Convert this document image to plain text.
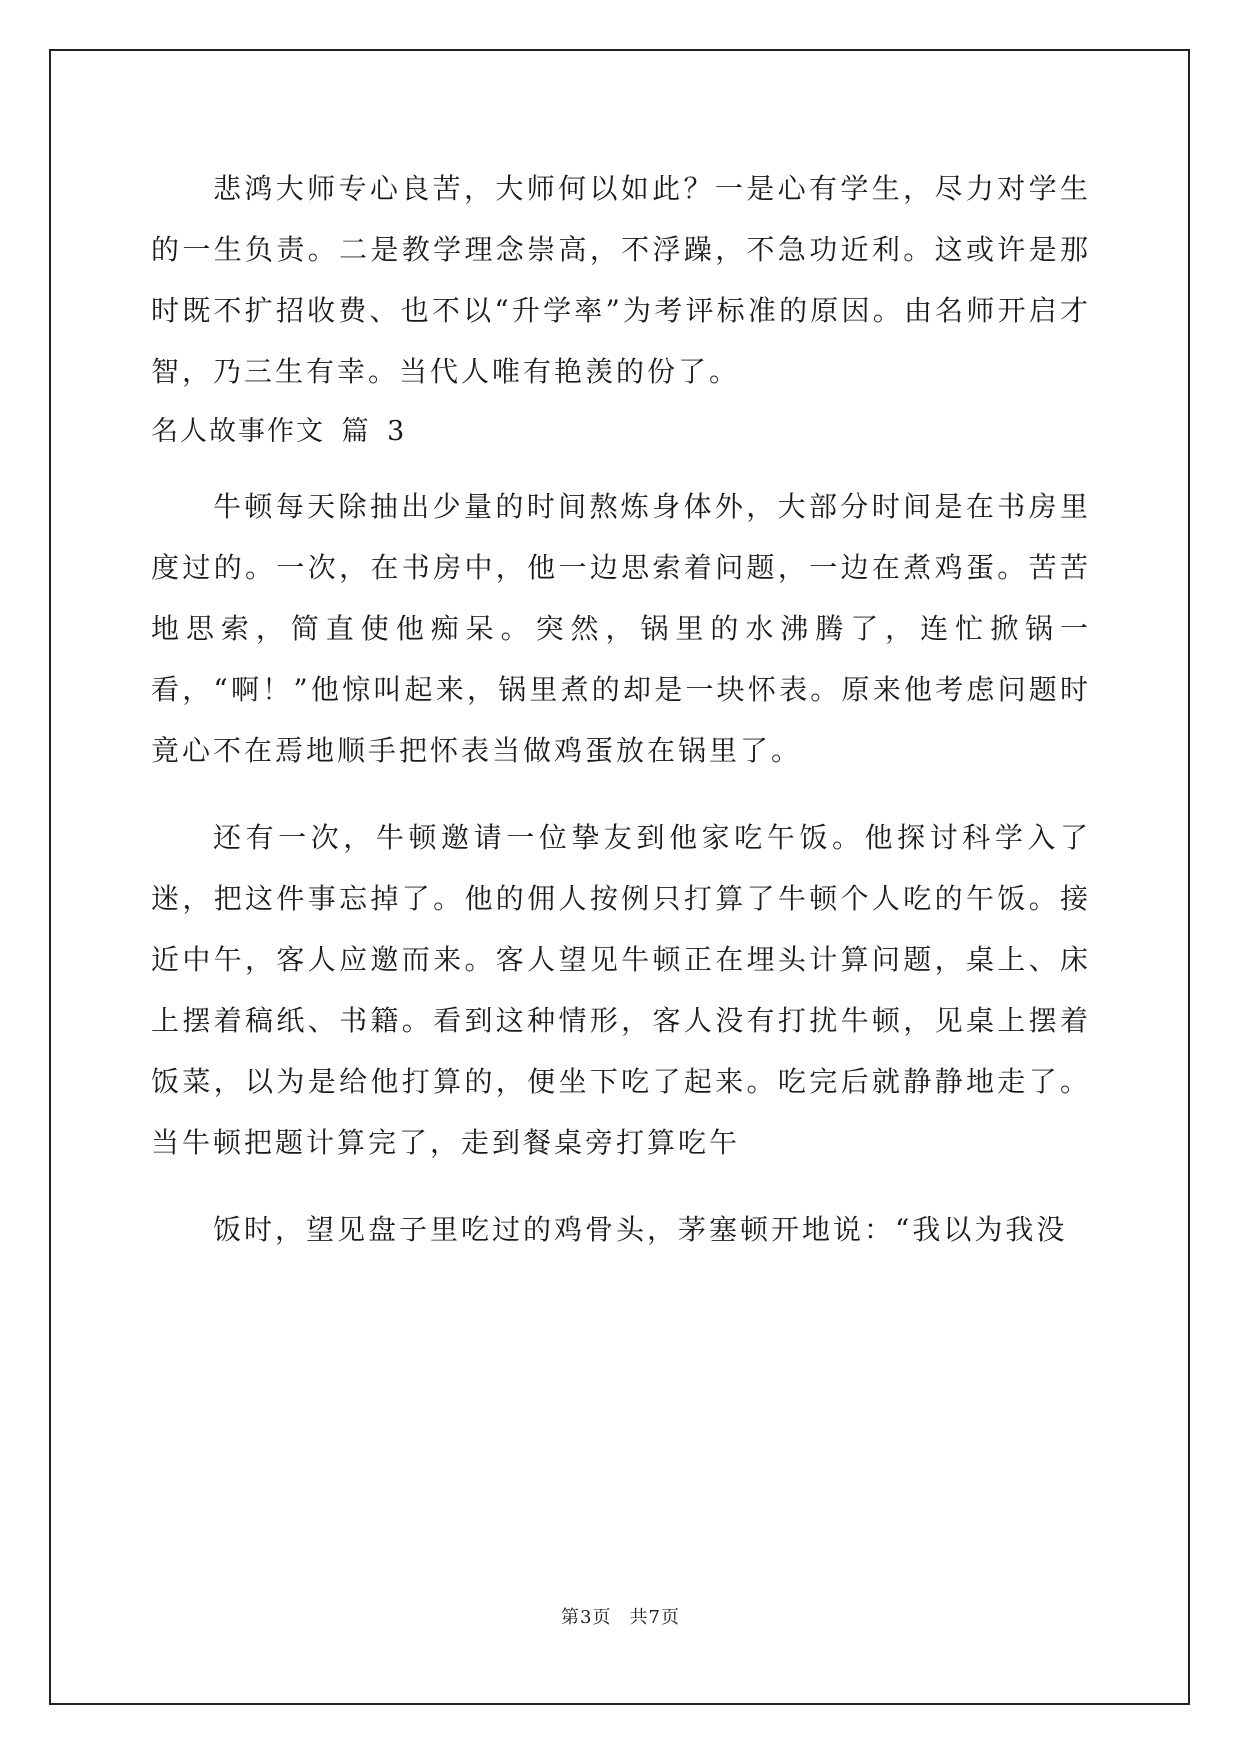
悲鸿大师专心良苦，大师何以如此？一是心有学生，尽力对学生的一生负责。二是教学理念崇高，不浮躁，不急功近利。这或许是那时既不扩招收费、也不以“升学率”为考评标准的原因。由名师开启才智，乃三生有幸。当代人唯有艳羡的份了。

名人故事作文 篇 3

牛顿每天除抽出少量的时间熬炼身体外，大部分时间是在书房里度过的。一次，在书房中，他一边思索着问题，一边在煮鸡蛋。苦苦地思索，简直使他痴呆。突然，锅里的水沸腾了，连忙掀锅一看，“啊！”他惊叫起来，锅里煮的却是一块怀表。原来他考虑问题时竟心不在焉地顺手把怀表当做鸡蛋放在锅里了。

还有一次，牛顿邀请一位挚友到他家吃午饭。他探讨科学入了迷，把这件事忘掉了。他的佣人按例只打算了牛顿个人吃的午饭。接近中午，客人应邀而来。客人望见牛顿正在埋头计算问题，桌上、床上摆着稿纸、书籍。看到这种情形，客人没有打扰牛顿，见桌上摆着饭菜，以为是给他打算的，便坐下吃了起来。吃完后就静静地走了。当牛顿把题计算完了，走到餐桌旁打算吃午

饭时，望见盘子里吃过的鸡骨头，茅塞顿开地说：“我以为我没

第3页 共7页
